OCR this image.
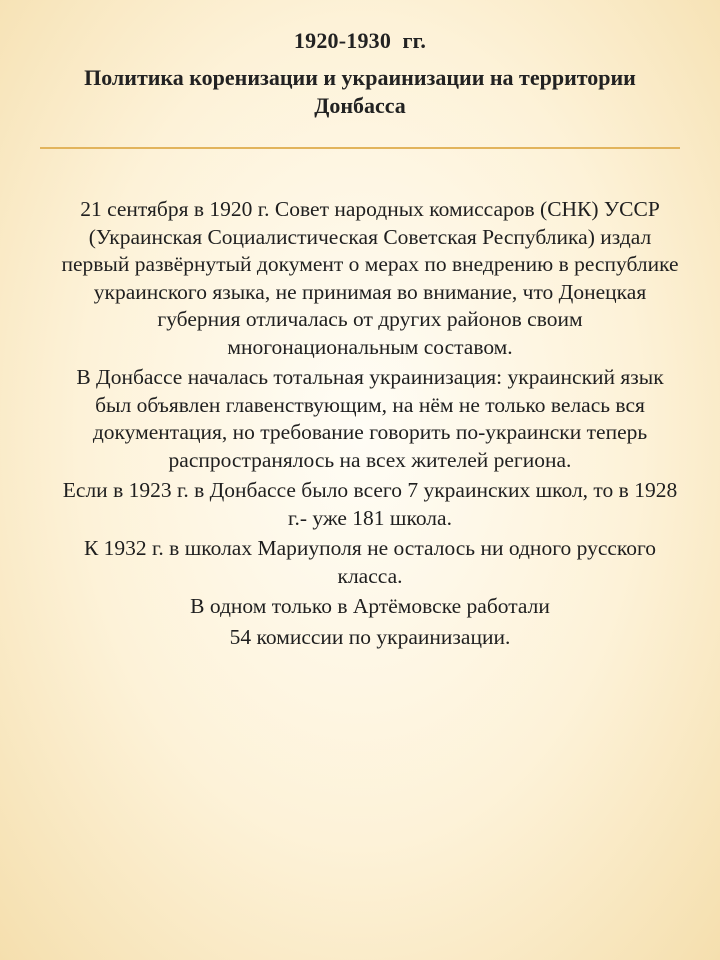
1920-1930  гг.
Политика коренизации и украинизации на территории Донбасса

21 сентября в 1920 г. Совет народных комиссаров (СНК) УССР (Украинская Социалистическая Советская Республика) издал первый развёрнутый документ о мерах по внедрению в республике украинского языка, не принимая во внимание, что Донецкая губерния отличалась от других районов своим многонациональным составом.

В Донбассе началась тотальная украинизация: украинский язык был объявлен главенствующим, на нём не только велась вся документация, но требование говорить по-украински теперь распространялось на всех жителей региона.

Если в 1923 г. в Донбассе было всего 7 украинских школ, то в 1928 г.- уже 181 школа.

К 1932 г. в школах Мариуполя не осталось ни одного русского класса.

В одном только в Артёмовске работали

54 комиссии по украинизации.
